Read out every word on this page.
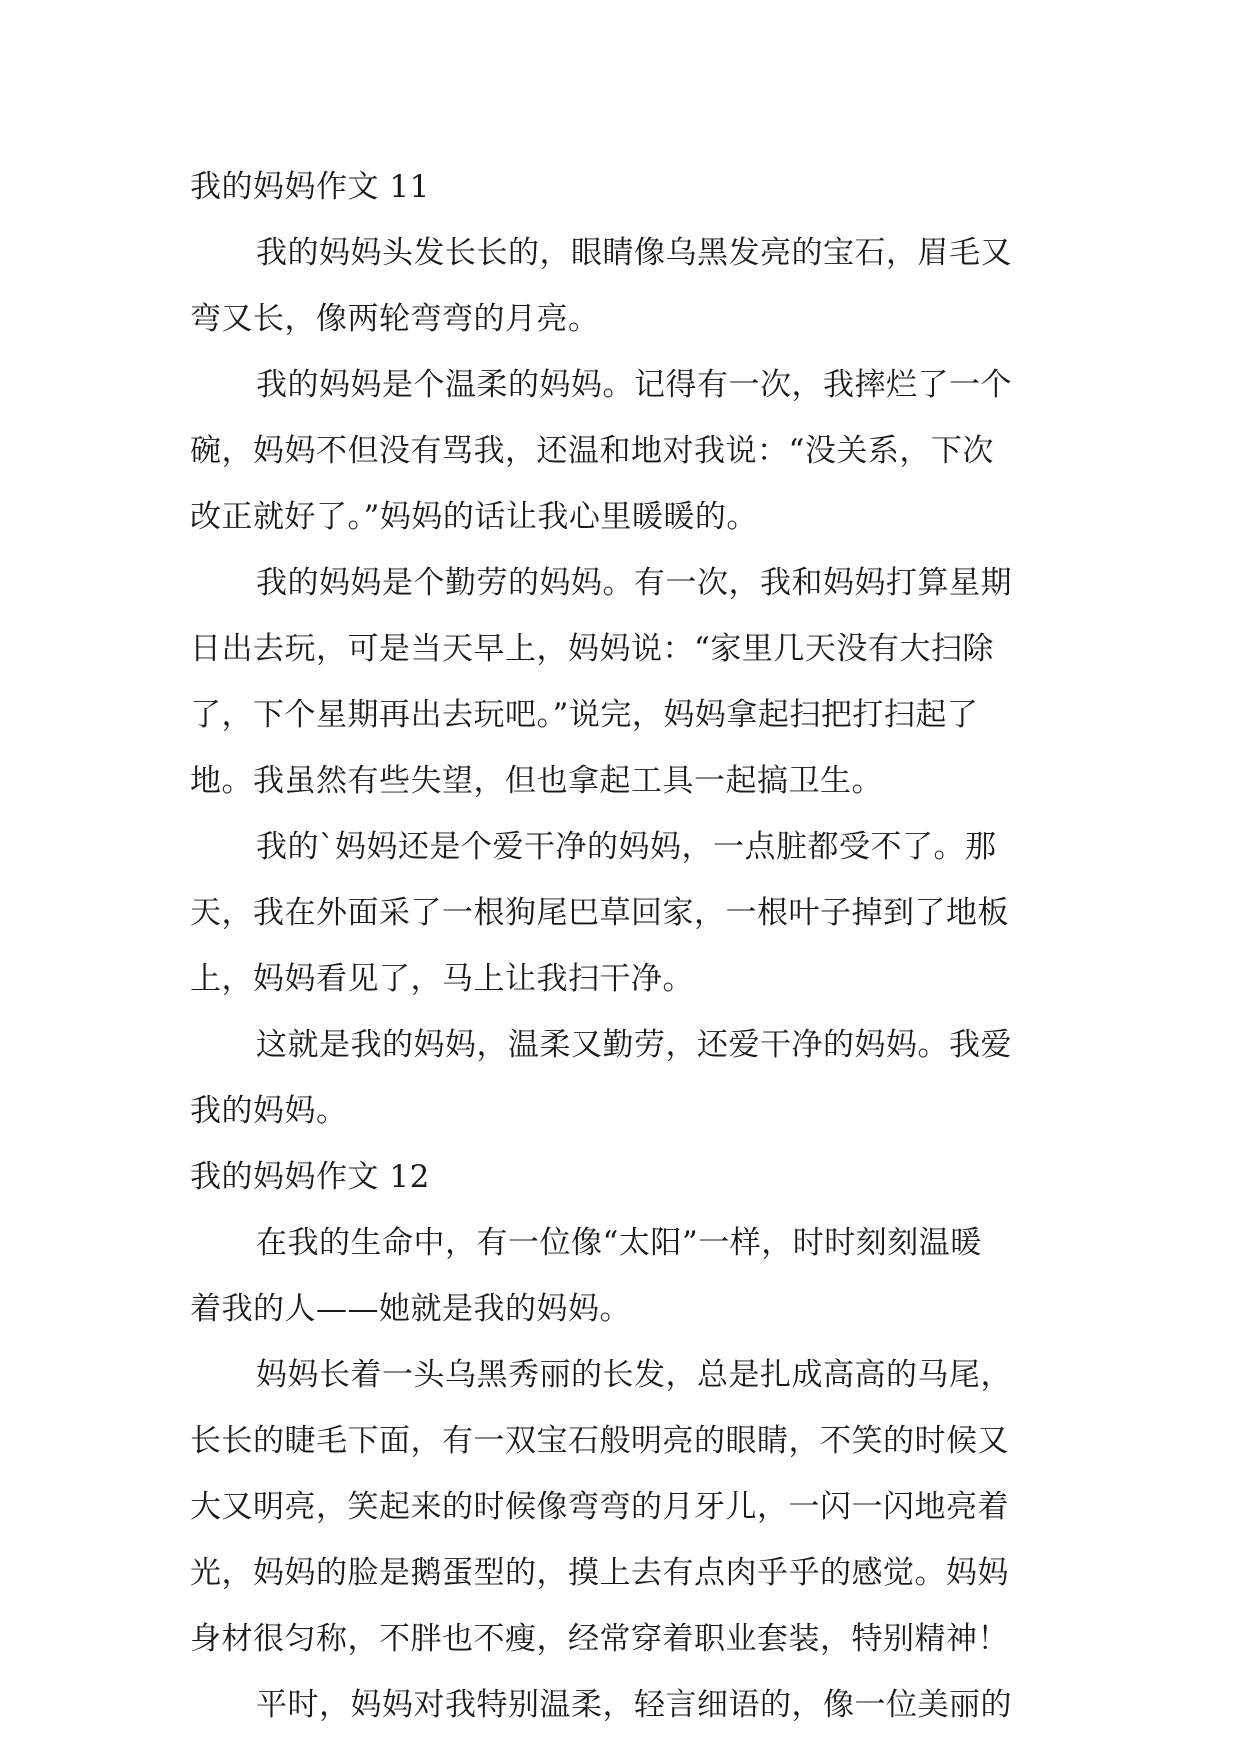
我的妈妈作文 11
我的妈妈头发长长的，眼睛像乌黑发亮的宝石，眉毛又
弯又长，像两轮弯弯的月亮。
我的妈妈是个温柔的妈妈。记得有一次，我摔烂了一个
碗，妈妈不但没有骂我，还温和地对我说：“没关系，下次
改正就好了。”妈妈的话让我心里暖暖的。
我的妈妈是个勤劳的妈妈。有一次，我和妈妈打算星期
日出去玩，可是当天早上，妈妈说：“家里几天没有大扫除
了，下个星期再出去玩吧。”说完，妈妈拿起扫把打扫起了
地。我虽然有些失望，但也拿起工具一起搞卫生。
我的`妈妈还是个爱干净的妈妈，一点脏都受不了。那
天，我在外面采了一根狗尾巴草回家，一根叶子掉到了地板
上，妈妈看见了，马上让我扫干净。
这就是我的妈妈，温柔又勤劳，还爱干净的妈妈。我爱
我的妈妈。
我的妈妈作文 12
在我的生命中，有一位像“太阳”一样，时时刻刻温暖
着我的人——她就是我的妈妈。
妈妈长着一头乌黑秀丽的长发，总是扎成高高的马尾，
长长的睫毛下面，有一双宝石般明亮的眼睛，不笑的时候又
大又明亮，笑起来的时候像弯弯的月牙儿，一闪一闪地亮着
光，妈妈的脸是鹅蛋型的，摸上去有点肉乎乎的感觉。妈妈
身材很匀称，不胖也不瘦，经常穿着职业套装，特别精神！
平时，妈妈对我特别温柔，轻言细语的，像一位美丽的
